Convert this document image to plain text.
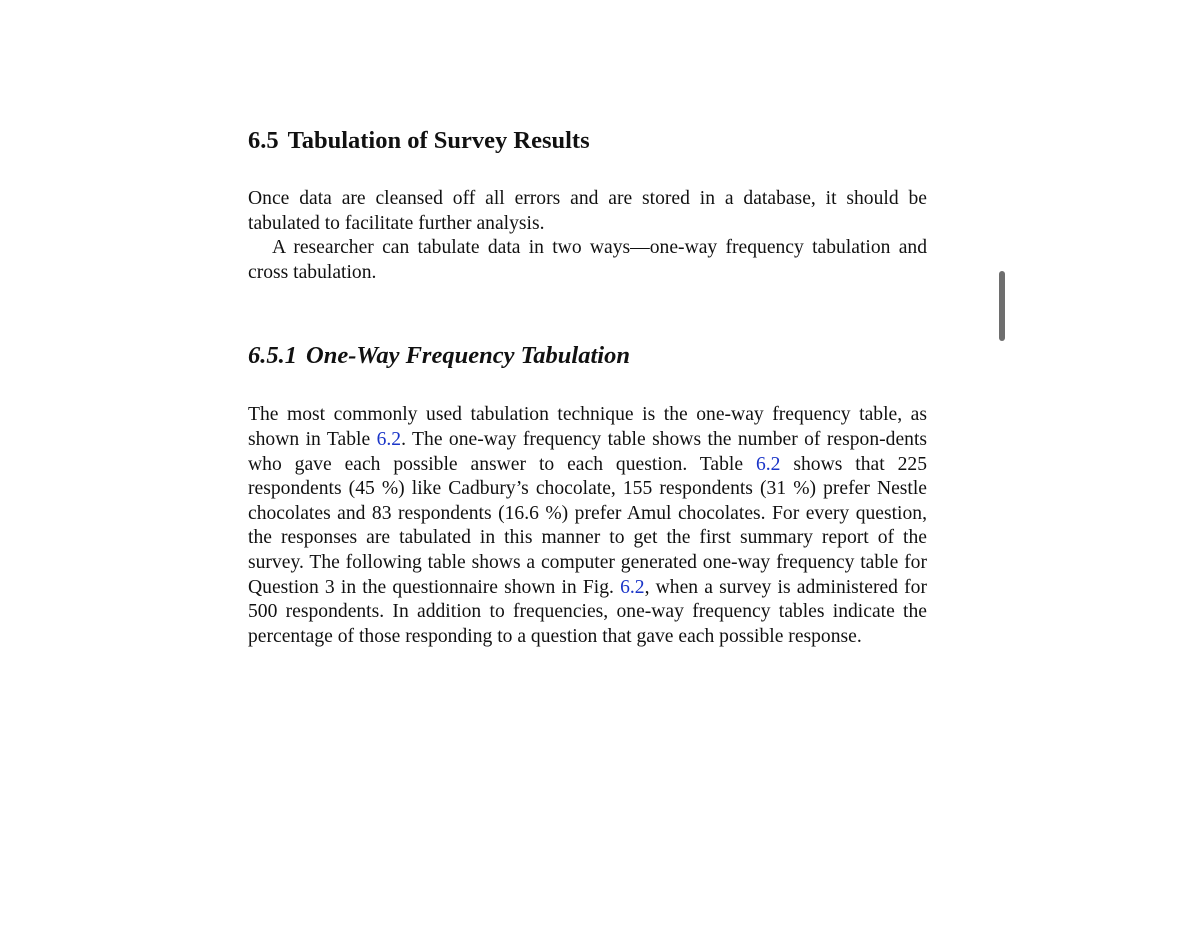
6.5 Tabulation of Survey Results

Once data are cleansed off all errors and are stored in a database, it should be tabulated to facilitate further analysis.

A researcher can tabulate data in two ways—one-way frequency tabulation and cross tabulation.

6.5.1 One-Way Frequency Tabulation

The most commonly used tabulation technique is the one-way frequency table, as shown in Table 6.2. The one-way frequency table shows the number of respon-dents who gave each possible answer to each question. Table 6.2 shows that 225 respondents (45 %) like Cadbury’s chocolate, 155 respondents (31 %) prefer Nestle chocolates and 83 respondents (16.6 %) prefer Amul chocolates. For every question, the responses are tabulated in this manner to get the first summary report of the survey. The following table shows a computer generated one-way frequency table for Question 3 in the questionnaire shown in Fig. 6.2, when a survey is administered for 500 respondents. In addition to frequencies, one-way frequency tables indicate the percentage of those responding to a question that gave each possible response.
